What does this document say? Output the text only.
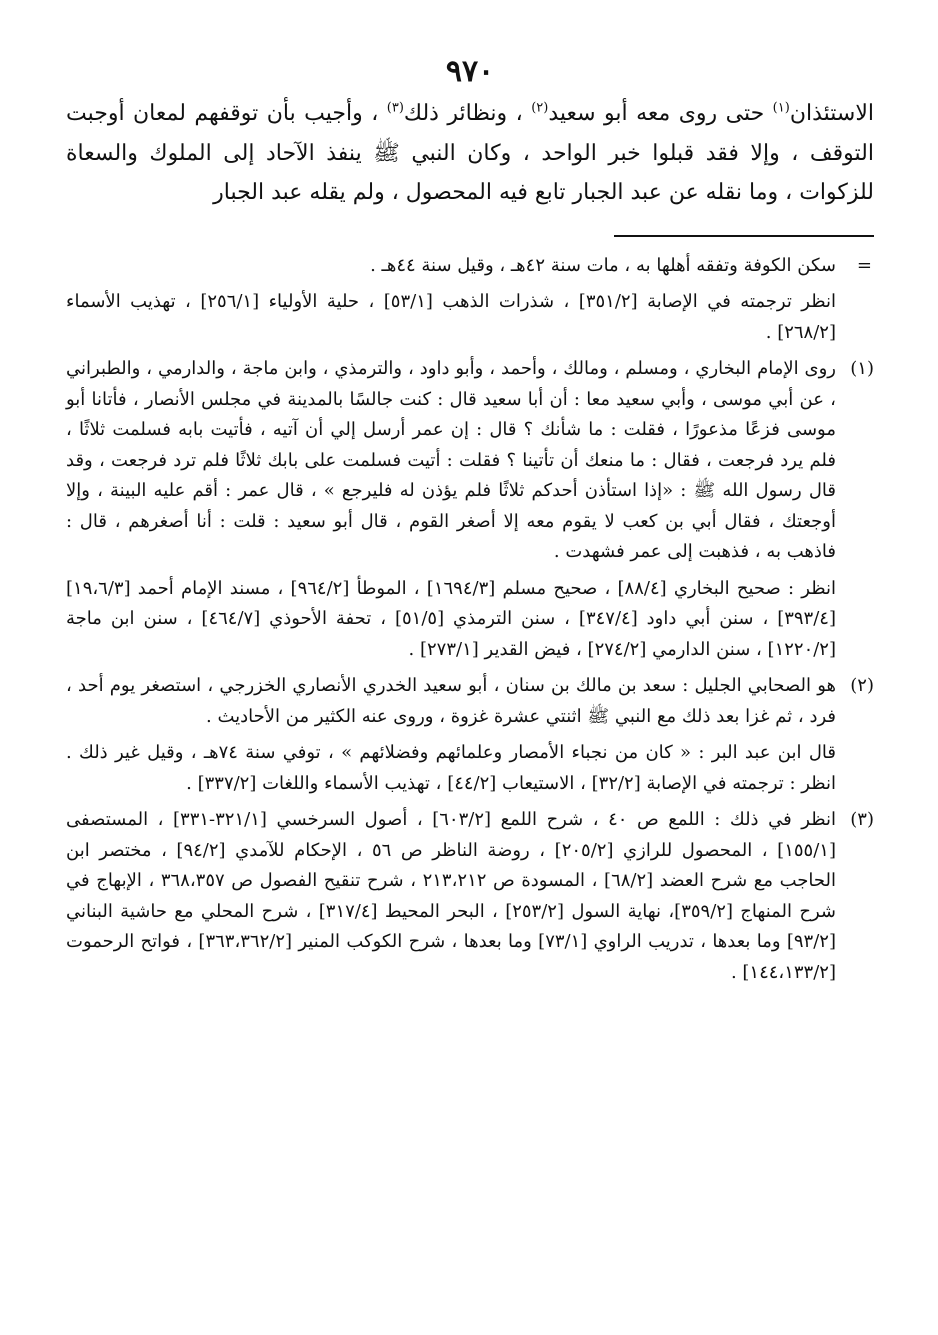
٩٧٠

الاستئذان$^{(١)}$ حتى روى معه أبو سعيد$^{(٢)}$ ، ونظائر ذلك$^{(٣)}$ ، وأجيب بأن توقفهم لمعان أوجبت التوقف ، وإلا فقد قبلوا خبر الواحد ، وكان النبي ﷺ ينفذ الآحاد إلى الملوك والسعاة للزكوات ، وما نقله عن عبد الجبار تابع فيه المحصول ، ولم يقله عبد الجبار

=

سكن الكوفة وتفقه أهلها به ، مات سنة ٤٢هـ ، وقيل سنة ٤٤هـ .

انظر ترجمته في الإصابة [٣٥١/٢] ، شذرات الذهب [٥٣/١] ، حلية الأولياء [٢٥٦/١] ، تهذيب الأسماء [٢٦٨/٢] .

(١)

روى الإمام البخاري ، ومسلم ، ومالك ، وأحمد ، وأبو داود ، والترمذي ، وابن ماجة ، والدارمي ، والطبراني ، عن أبي موسى ، وأبي سعيد معا : أن أبا سعيد قال : كنت جالسًا بالمدينة في مجلس الأنصار ، فأتانا أبو موسى فزعًا مذعورًا ، فقلت : ما شأنك ؟ قال : إن عمر أرسل إلي أن آتيه ، فأتيت بابه فسلمت ثلاثًا ، فلم يرد فرجعت ، فقال : ما منعك أن تأتينا ؟ فقلت : أتيت فسلمت على بابك ثلاثًا فلم ترد فرجعت ، وقد قال رسول الله ﷺ : «إذا استأذن أحدكم ثلاثًا فلم يؤذن له فليرجع » ، قال عمر : أقم عليه البينة ، وإلا أوجعتك ، فقال أبي بن كعب لا يقوم معه إلا أصغر القوم ، قال أبو سعيد : قلت : أنا أصغرهم ، قال : فاذهب به ، فذهبت إلى عمر فشهدت .

انظر : صحيح البخاري [٨٨/٤] ، صحيح مسلم [١٦٩٤/٣] ، الموطأ [٩٦٤/٢] ، مسند الإمام أحمد [١٩،٦/٣] [٣٩٣/٤] ، سنن أبي داود [٣٤٧/٤] ، سنن الترمذي [٥١/٥] ، تحفة الأحوذي [٤٦٤/٧] ، سنن ابن ماجة [١٢٢٠/٢] ، سنن الدارمي [٢٧٤/٢] ، فيض القدير [٢٧٣/١] .

(٢)

هو الصحابي الجليل : سعد بن مالك بن سنان ، أبو سعيد الخدري الأنصاري الخزرجي ، استصغر يوم أحد ، فرد ، ثم غزا بعد ذلك مع النبي ﷺ اثنتي عشرة غزوة ، وروى عنه الكثير من الأحاديث .

قال ابن عبد البر : « كان من نجباء الأمصار وعلمائهم وفضلائهم » ، توفي سنة ٧٤هـ ، وقيل غير ذلك . انظر : ترجمته في الإصابة [٣٢/٢] ، الاستيعاب [٤٤/٢] ، تهذيب الأسماء واللغات [٣٣٧/٢] .

(٣)

انظر في ذلك : اللمع ص ٤٠ ، شرح اللمع [٦٠٣/٢] ، أصول السرخسي [٣٢١/١-٣٣١] ، المستصفى [١٥٥/١] ، المحصول للرازي [٢٠٥/٢] ، روضة الناظر ص ٥٦ ، الإحكام للآمدي [٩٤/٢] ، مختصر ابن الحاجب مع شرح العضد [٦٨/٢] ، المسودة ص ٢١٣،٢١٢ ، شرح تنقيح الفصول ص ٣٦٨،٣٥٧ ، الإبهاج في شرح المنهاج [٣٥٩/٢]، نهاية السول [٢٥٣/٢] ، البحر المحيط [٣١٧/٤] ، شرح المحلي مع حاشية البناني [٩٣/٢] وما بعدها ، تدريب الراوي [٧٣/١] وما بعدها ، شرح الكوكب المنير [٣٦٣،٣٦٢/٢] ، فواتح الرحموت [١٤٤،١٣٣/٢] .
